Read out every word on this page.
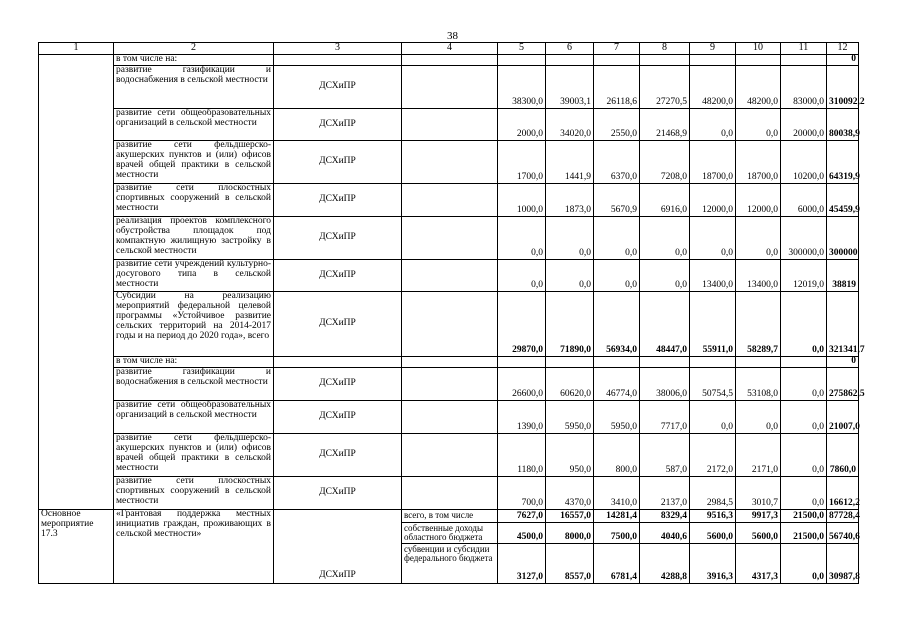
38
1	2	3	4	5	6	7	8	9	10	11	12
	в том числе на:										0
	развитие газификации и водоснабжения в сельской местности	ДСХиПР		38300,0	39003,1	26118,6	27270,5	48200,0	48200,0	83000,0	310092,2
	развитие сети общеобразовательных организаций в сельской местности	ДСХиПР		2000,0	34020,0	2550,0	21468,9	0,0	0,0	20000,0	80038,9
	развитие сети фельдшерско-акушерских пунктов и (или) офисов врачей общей практики в сельской местности	ДСХиПР		1700,0	1441,9	6370,0	7208,0	18700,0	18700,0	10200,0	64319,9
	развитие сети плоскостных спортивных сооружений в сельской местности	ДСХиПР		1000,0	1873,0	5670,9	6916,0	12000,0	12000,0	6000,0	45459,9
	реализация проектов комплексного обустройства площадок под компактную жилищную застройку в сельской местности	ДСХиПР		0,0	0,0	0,0	0,0	0,0	0,0	300000,0	300000
	развитие сети учреждений культурно-досугового типа в сельской местности	ДСХиПР		0,0	0,0	0,0	0,0	13400,0	13400,0	12019,0	38819
	Субсидии на реализацию мероприятий федеральной целевой программы «Устойчивое развитие сельских территорий на 2014-2017 годы и на период до 2020 года», всего	ДСХиПР		29870,0	71890,0	56934,0	48447,0	55911,0	58289,7	0,0	321341,7
	в том числе на:										0
	развитие газификации и водоснабжения в сельской местности	ДСХиПР		26600,0	60620,0	46774,0	38006,0	50754,5	53108,0	0,0	275862,5
	развитие сети общеобразовательных организаций в сельской местности	ДСХиПР		1390,0	5950,0	5950,0	7717,0	0,0	0,0	0,0	21007,0
	развитие сети фельдшерско-акушерских пунктов и (или) офисов врачей общей практики в сельской местности	ДСХиПР		1180,0	950,0	800,0	587,0	2172,0	2171,0	0,0	7860,0
	развитие сети плоскостных спортивных сооружений в сельской местности	ДСХиПР		700,0	4370,0	3410,0	2137,0	2984,5	3010,7	0,0	16612,2
Основное мероприятие 17.3	«Грантовая поддержка местных инициатив граждан, проживающих в сельской местности»	ДСХиПР	всего, в том числе	7627,0	16557,0	14281,4	8329,4	9516,3	9917,3	21500,0	87728,4
			собственные доходы областного бюджета	4500,0	8000,0	7500,0	4040,6	5600,0	5600,0	21500,0	56740,6
			субвенции и субсидии федерального бюджета	3127,0	8557,0	6781,4	4288,8	3916,3	4317,3	0,0	30987,8
